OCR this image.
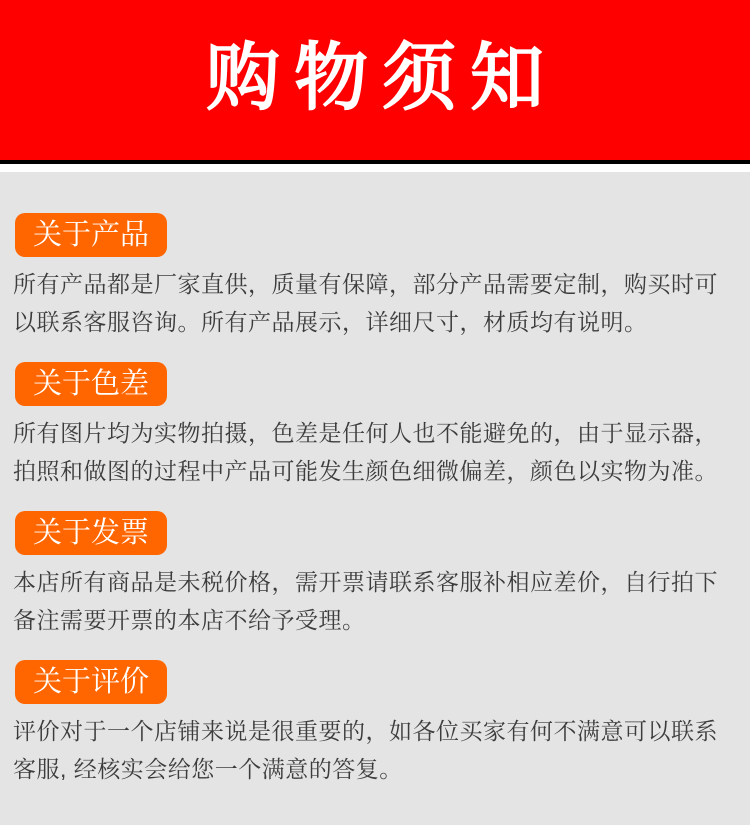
购物须知
关于产品
所有产品都是厂家直供，质量有保障，部分产品需要定制，购买时可
以联系客服咨询。所有产品展示，详细尺寸，材质均有说明。
关于色差
所有图片均为实物拍摄，色差是任何人也不能避免的，由于显示器，
拍照和做图的过程中产品可能发生颜色细微偏差，颜色以实物为准。
关于发票
本店所有商品是未税价格，需开票请联系客服补相应差价，自行拍下
备注需要开票的本店不给予受理。
关于评价
评价对于一个店铺来说是很重要的，如各位买家有何不满意可以联系
客服, 经核实会给您一个满意的答复。
